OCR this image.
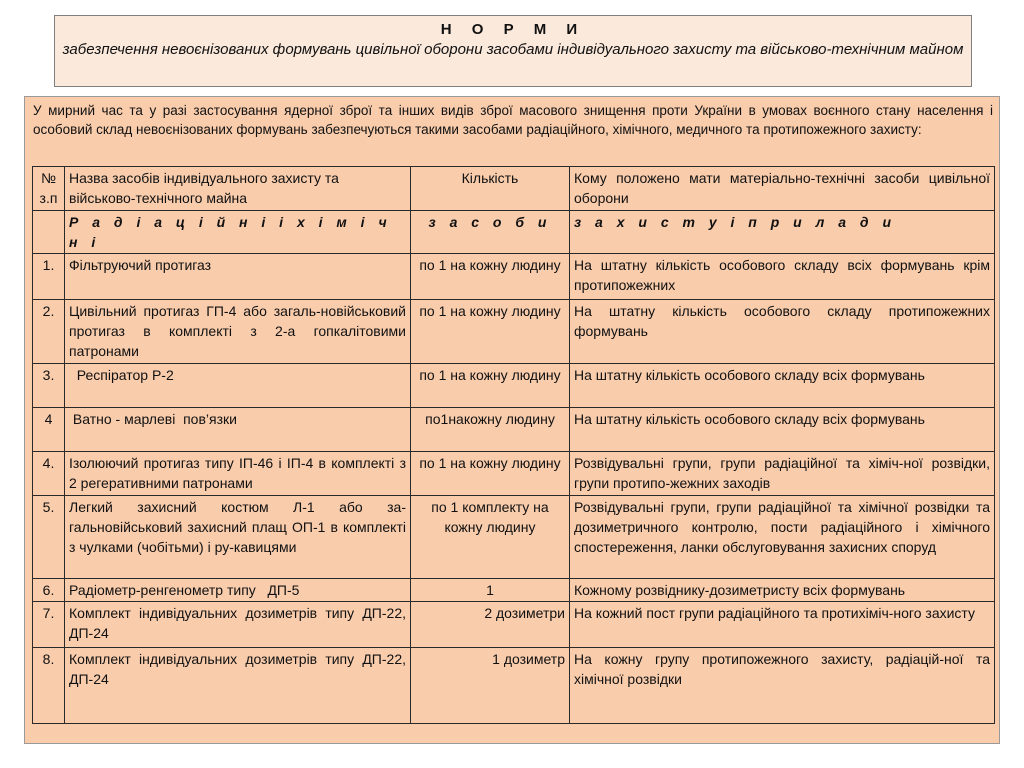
Н О Р М И
забезпечення невоєнізованих формувань цивільної оборони засобами індивідуального захисту та військово-технічним майном
У мирний час та у разі застосування ядерної зброї та інших видів зброї масового знищення проти України в умовах воєнного стану населення і особовий склад невоєнізованих формувань забезпечуються такими засобами радіаційного, хімічного, медичного та протипожежного захисту:
№ з.п	Назва засобів індивідуального захисту та військово-технічного майна	Кількість	Кому положено мати матеріально-технічні засоби цивільної оборони
	Р а д і а ц і й н і і х і м і ч н і	з а с о б и	з а х и с т у і п р и л а д и
1.	Фільтруючий протигаз	по 1 на кожну людину	На штатну кількість особового складу всіх формувань крім протипожежних
2.	Цивільний протигаз ГП-4 або загаль-новійськовий протигаз в комплекті з 2-а гопкалітовими патронами	по 1 на кожну людину	На штатну кількість особового складу протипожежних формувань
3.	Респіратор Р-2	по 1 на кожну людину	На штатну кількість особового складу всіх формувань
4	Ватно - марлеві  пов’язки	по1накожну людину	На штатну кількість особового складу всіх формувань
4.	Ізолюючий протигаз типу ІП-46 і ІП-4 в комплекті з 2 регеративними патронами	по 1 на кожну людину	Розвідувальні групи, групи радіаційної та хіміч-ної розвідки, групи протипо-жежних заходів
5.	Легкий захисний костюм Л-1 або за-гальновійськовий захисний плащ ОП-1 в комплекті з чулками (чобітьми) і ру-кавицями	по 1 комплекту на кожну людину	Розвідувальні групи, групи радіаційної та хімічної розвідки та дозиметричного контролю, пости радіаційного і хімічного спостереження, ланки обслуговування захисних споруд
6.	Радіометр-ренгенометр типу   ДП-5	1	Кожному розвіднику-дозиметристу всіх формувань
7.	Комплект індивідуальних дозиметрів типу ДП-22, ДП-24	2 дозиметри	На кожний пост групи радіаційного та протихіміч-ного захисту
8.	Комплект індивідуальних дозиметрів типу ДП-22, ДП-24	1 дозиметр	На кожну групу протипожежного захисту, радіацій-ної та хімічної розвідки
